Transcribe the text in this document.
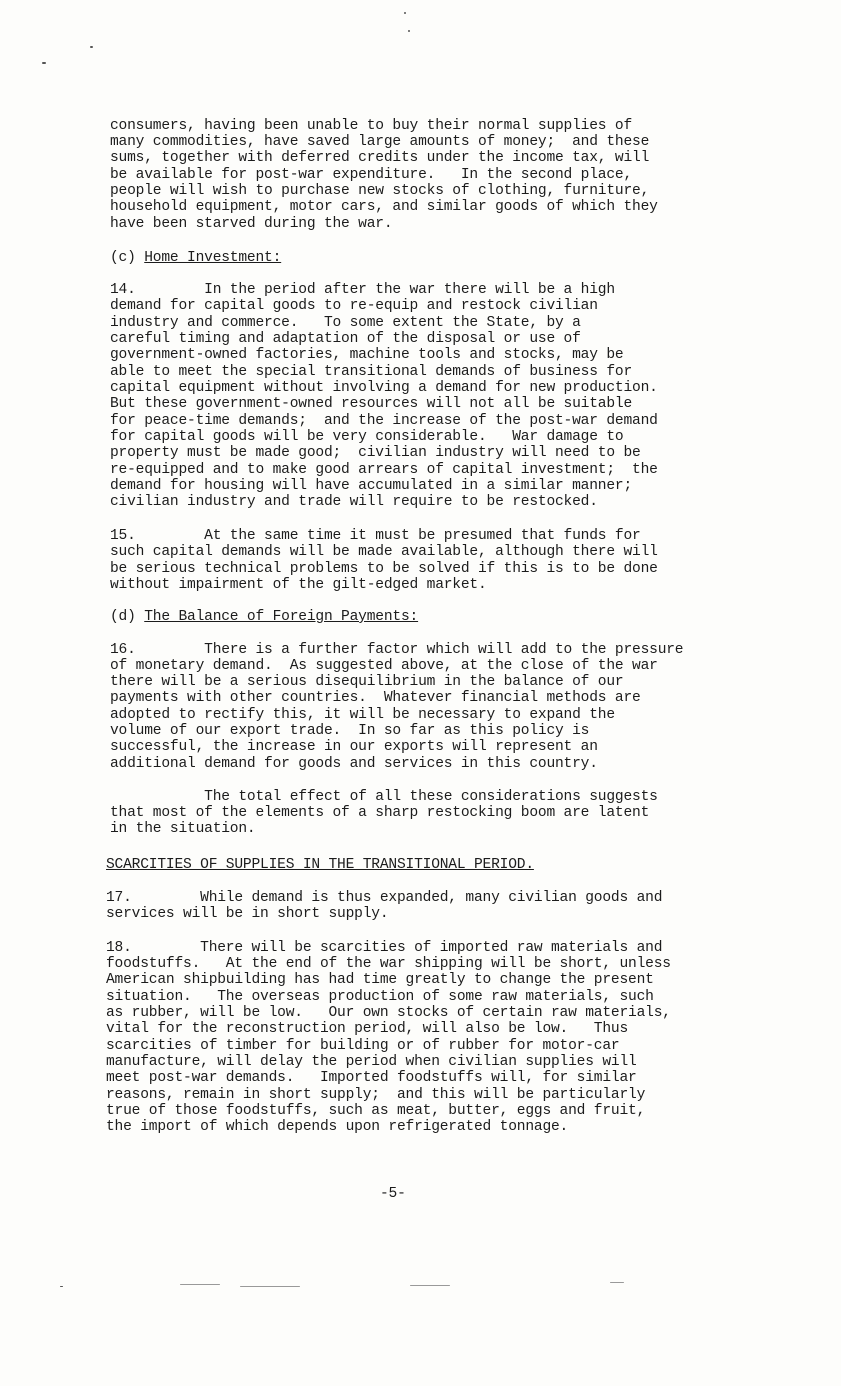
consumers, having been unable to buy their normal supplies of
many commodities, have saved large amounts of money;  and these
sums, together with deferred credits under the income tax, will
be available for post-war expenditure.   In the second place,
people will wish to purchase new stocks of clothing, furniture,
household equipment, motor cars, and similar goods of which they
have been starved during the war.
(c) Home Investment:
14.        In the period after the war there will be a high
demand for capital goods to re-equip and restock civilian
industry and commerce.   To some extent the State, by a
careful timing and adaptation of the disposal or use of
government-owned factories, machine tools and stocks, may be
able to meet the special transitional demands of business for
capital equipment without involving a demand for new production.
But these government-owned resources will not all be suitable
for peace-time demands;  and the increase of the post-war demand
for capital goods will be very considerable.   War damage to
property must be made good;  civilian industry will need to be
re-equipped and to make good arrears of capital investment;  the
demand for housing will have accumulated in a similar manner;
civilian industry and trade will require to be restocked.
15.        At the same time it must be presumed that funds for
such capital demands will be made available, although there will
be serious technical problems to be solved if this is to be done
without impairment of the gilt-edged market.
(d) The Balance of Foreign Payments:
16.        There is a further factor which will add to the pressure
of monetary demand.  As suggested above, at the close of the war
there will be a serious disequilibrium in the balance of our
payments with other countries.  Whatever financial methods are
adopted to rectify this, it will be necessary to expand the
volume of our export trade.  In so far as this policy is
successful, the increase in our exports will represent an
additional demand for goods and services in this country.
The total effect of all these considerations suggests
that most of the elements of a sharp restocking boom are latent
in the situation.
SCARCITIES OF SUPPLIES IN THE TRANSITIONAL PERIOD.
17.        While demand is thus expanded, many civilian goods and
services will be in short supply.
18.        There will be scarcities of imported raw materials and
foodstuffs.   At the end of the war shipping will be short, unless
American shipbuilding has had time greatly to change the present
situation.   The overseas production of some raw materials, such
as rubber, will be low.   Our own stocks of certain raw materials,
vital for the reconstruction period, will also be low.   Thus
scarcities of timber for building or of rubber for motor-car
manufacture, will delay the period when civilian supplies will
meet post-war demands.   Imported foodstuffs will, for similar
reasons, remain in short supply;  and this will be particularly
true of those foodstuffs, such as meat, butter, eggs and fruit,
the import of which depends upon refrigerated tonnage.
-5-
